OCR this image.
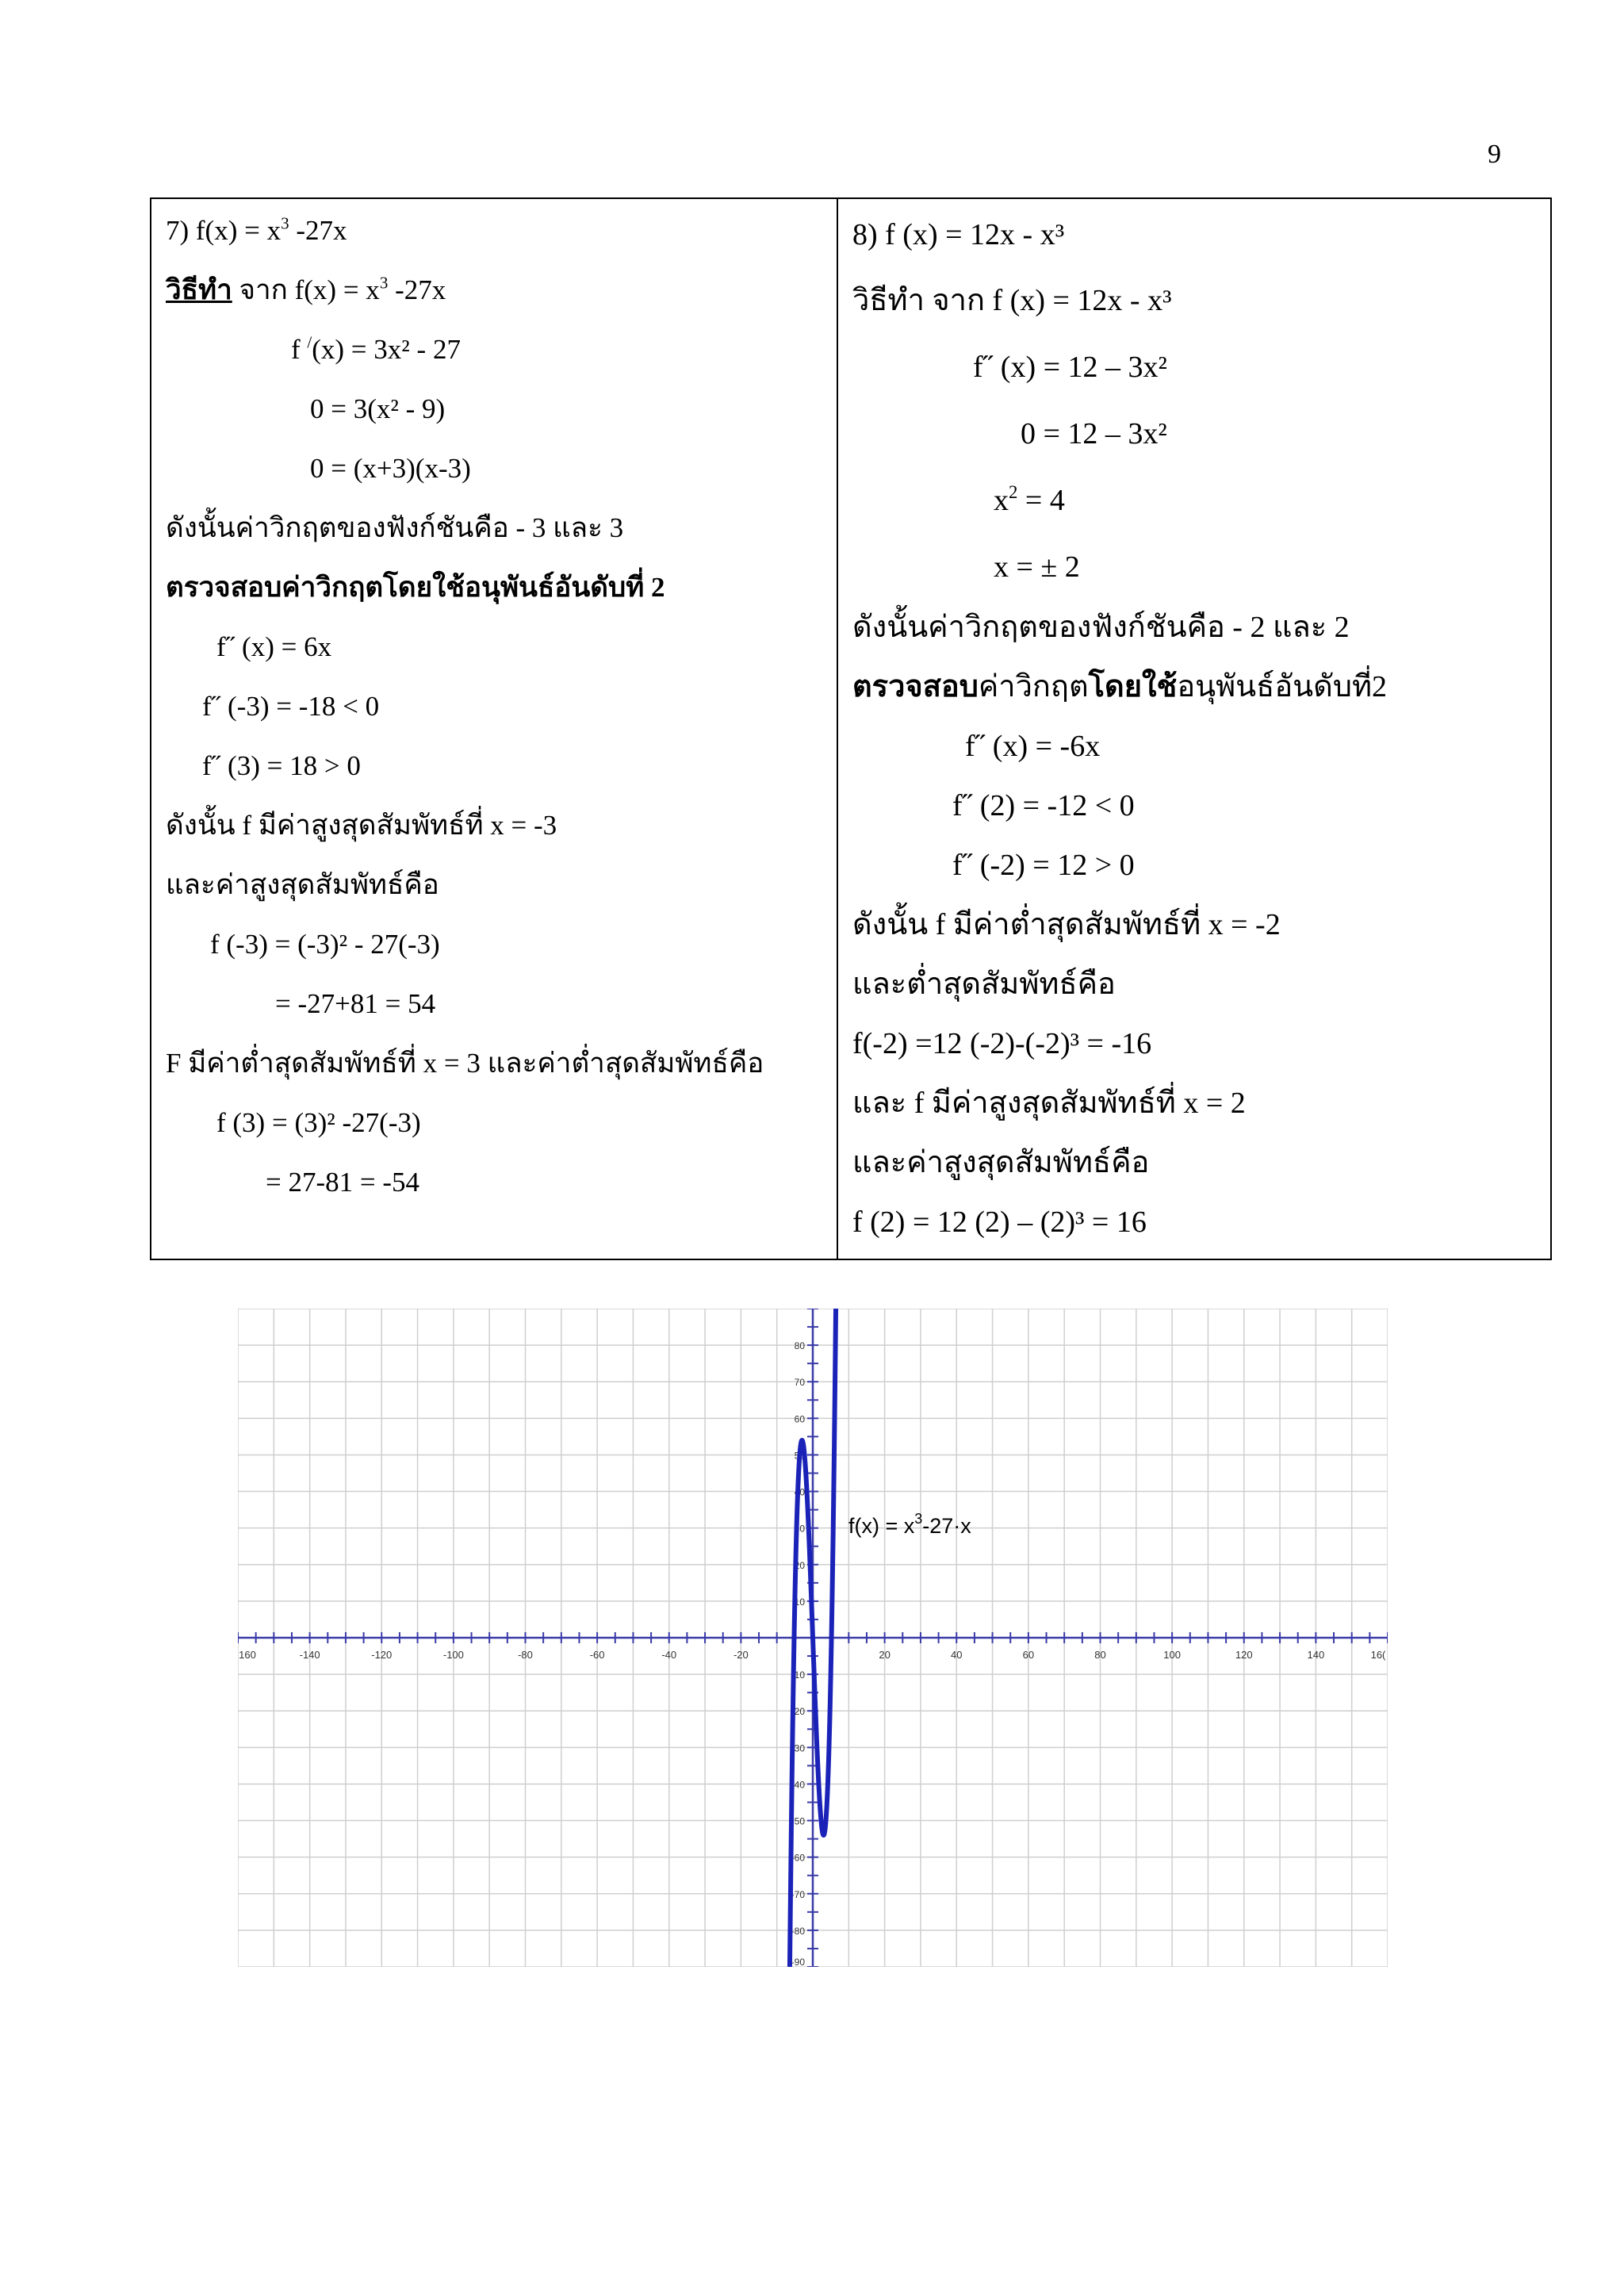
9
7) $f(x) = x^3$ -27x
วิธีทำ จาก $f(x) = x^3$ -27x
f /(x) = 3x² - 27
0 = 3(x² - 9)
0 = (x+3)(x-3)
ดังนั้นค่าวิกฤตของฟังก์ชันคือ - 3 และ 3
ตรวจสอบค่าวิกฤตโดยใช้อนุพันธ์อันดับที่ 2
f˝ (x) = 6x
f˝ (-3) = -18 < 0
f˝ (3) = 18 > 0
ดังนั้น f มีค่าสูงสุดสัมพัทธ์ที่ x = -3
และค่าสูงสุดสัมพัทธ์คือ
f (-3) = (-3)² - 27(-3)
= -27+81 = 54
F มีค่าต่ำสุดสัมพัทธ์ที่ x = 3 และค่าต่ำสุดสัมพัทธ์คือ
f (3) = (3)² -27(-3)
= 27-81 = -54
8) f (x) = 12x - x³
วิธีทำ จาก f (x) = 12x - x³
f˝ (x) = 12 – 3x²
0 = 12 – 3x²
$x^2 = 4$
x = ± 2
ดังนั้นค่าวิกฤตของฟังก์ชันคือ - 2 และ 2
ตรวจสอบค่าวิกฤตโดยใช้อนุพันธ์อันดับที่2
f˝ (x) = -6x
f˝ (2) = -12 < 0
f˝ (-2) = 12 > 0
ดังนั้น f มีค่าต่ำสุดสัมพัทธ์ที่ x = -2
และต่ำสุดสัมพัทธ์คือ
f(-2) =12 (-2)-(-2)³ = -16
และ f มีค่าสูงสุดสัมพัทธ์ที่ x = 2
และค่าสูงสุดสัมพัทธ์คือ
f (2) = 12 (2) – (2)³ = 16
160	-140	-120	-100	-80	-60	-40	-20	20	40	60	80	100	120	140	16(
80
70
60
50
40
30
20
10
-10
-20
-30
-40
-50
-60
-70
-80
-90
$f(x) = x^3-27\cdot x$
